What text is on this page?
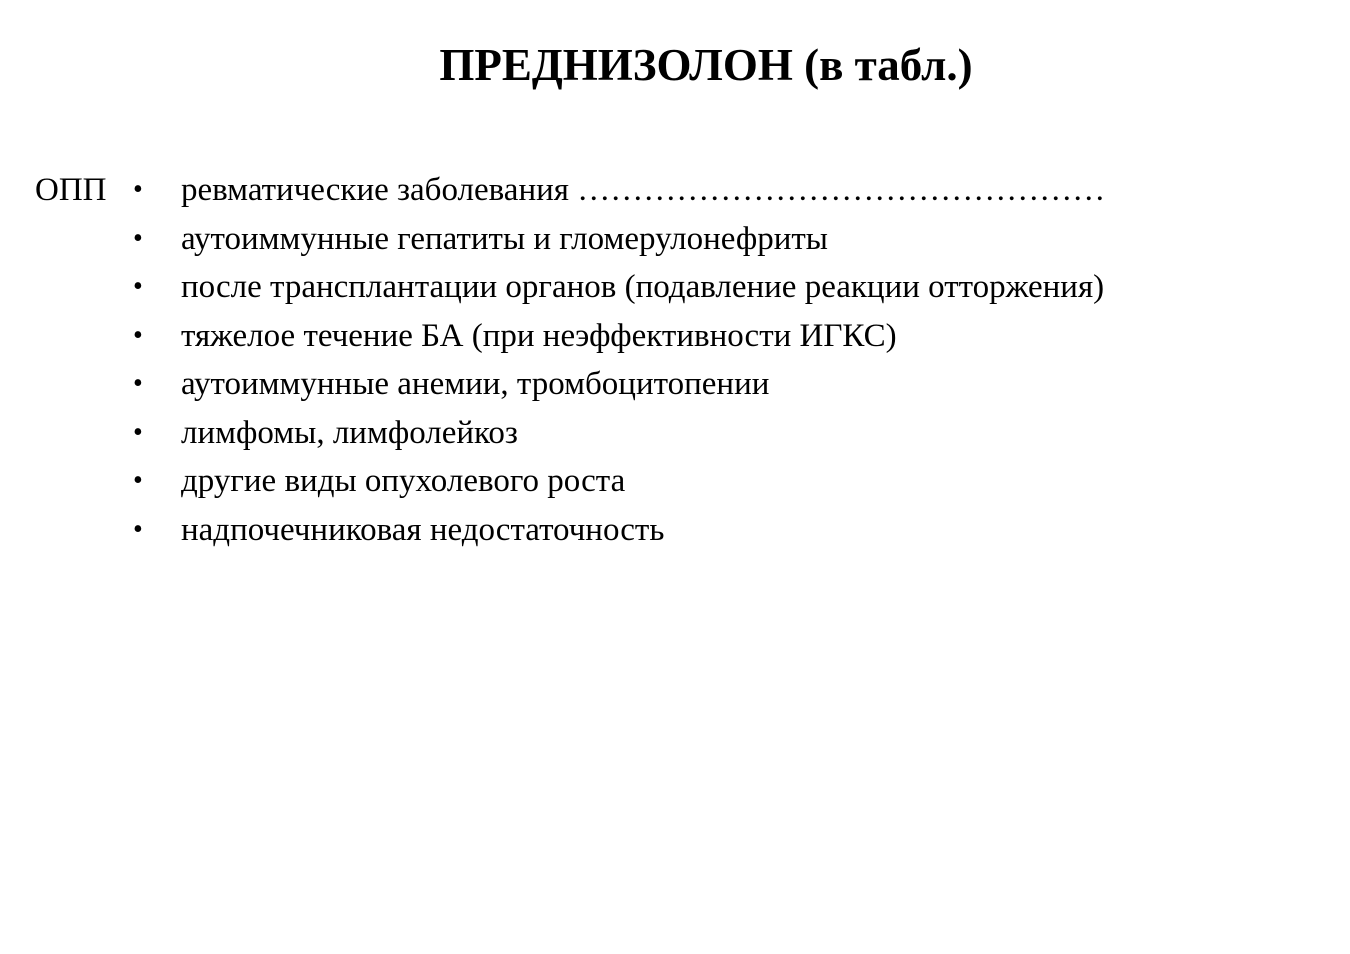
ПРЕДНИЗОЛОН (в табл.)
ОПП • ревматические заболевания …………………………………………
• аутоиммунные гепатиты и гломерулонефриты
• после трансплантации органов (подавление реакции отторжения)
• тяжелое течение БА (при неэффективности ИГКС)
• аутоиммунные анемии, тромбоцитопении
• лимфомы, лимфолейкоз
• другие виды опухолевого роста
• надпочечниковая недостаточность
